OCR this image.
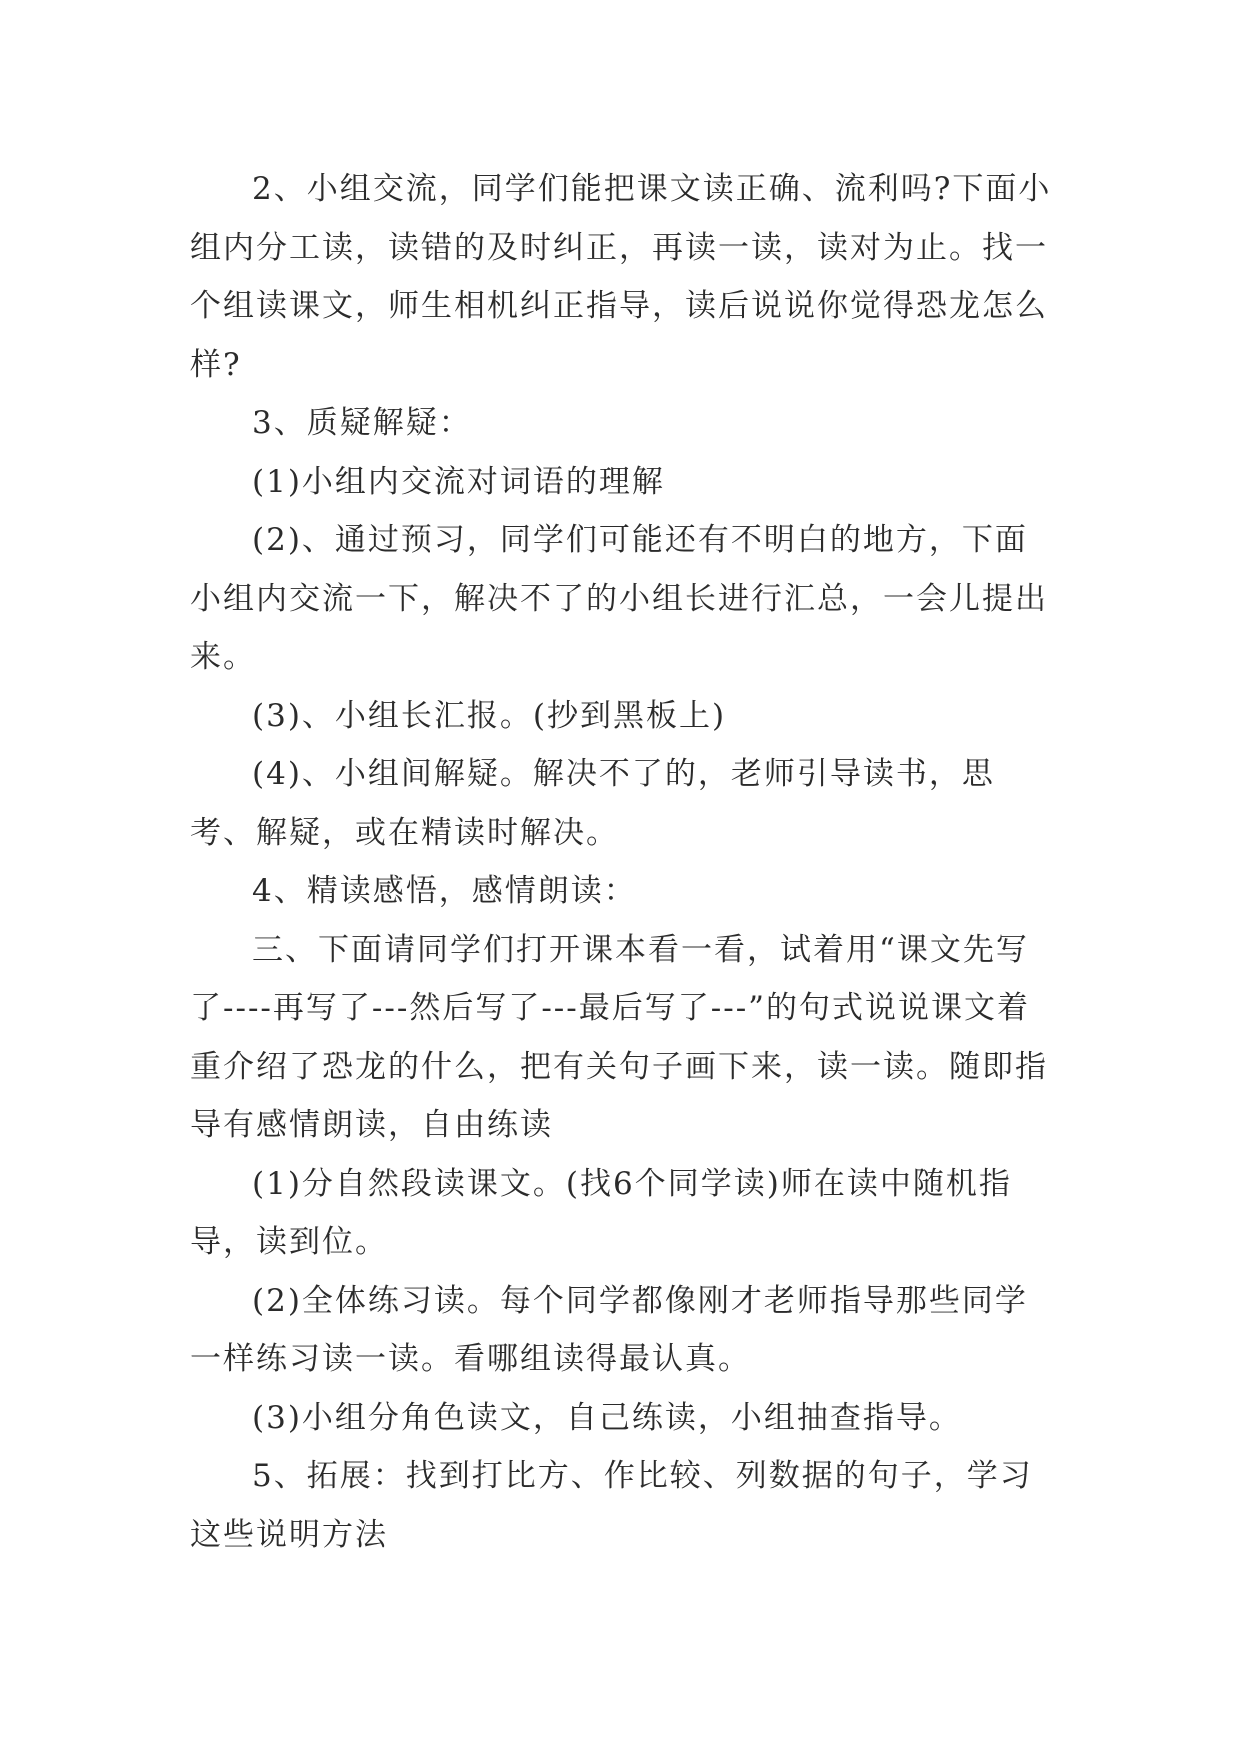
2、小组交流，同学们能把课文读正确、流利吗?下面小组内分工读，读错的及时纠正，再读一读，读对为止。找一个组读课文，师生相机纠正指导，读后说说你觉得恐龙怎么样?

3、质疑解疑：

(1)小组内交流对词语的理解

(2)、通过预习，同学们可能还有不明白的地方，下面小组内交流一下，解决不了的小组长进行汇总，一会儿提出来。

(3)、小组长汇报。(抄到黑板上)

(4)、小组间解疑。解决不了的，老师引导读书，思考、解疑，或在精读时解决。

4、精读感悟，感情朗读：

三、下面请同学们打开课本看一看，试着用“课文先写了----再写了---然后写了---最后写了---”的句式说说课文着重介绍了恐龙的什么，把有关句子画下来，读一读。随即指导有感情朗读，自由练读

(1)分自然段读课文。(找6个同学读)师在读中随机指导，读到位。

(2)全体练习读。每个同学都像刚才老师指导那些同学一样练习读一读。看哪组读得最认真。

(3)小组分角色读文，自己练读，小组抽查指导。

5、拓展：找到打比方、作比较、列数据的句子，学习这些说明方法
